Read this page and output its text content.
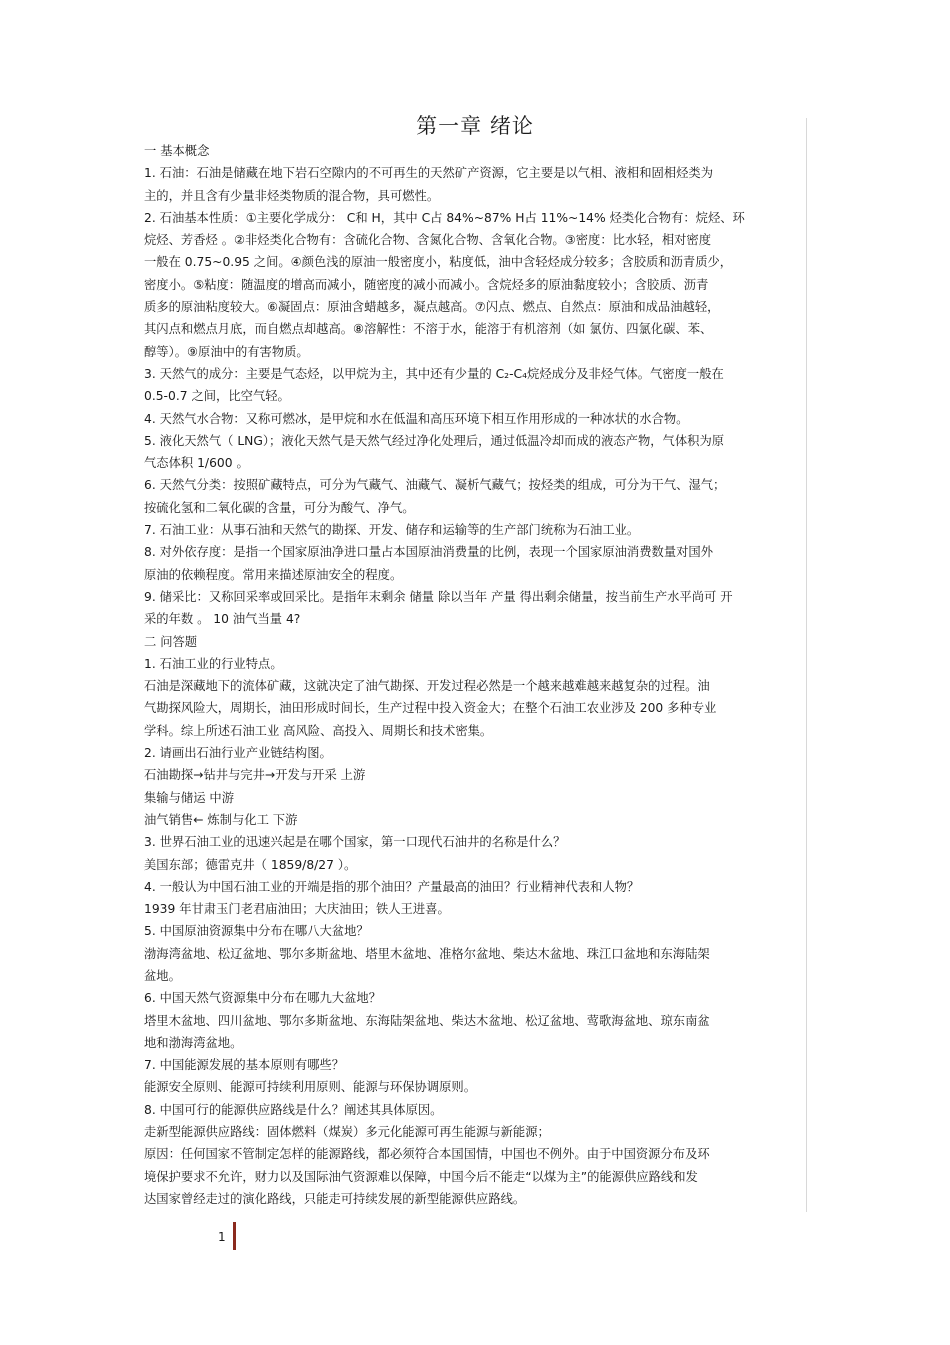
第一章 绪论
一 基本概念
1. 石油：石油是储藏在地下岩石空隙内的不可再生的天然矿产资源，它主要是以气相、液相和固相烃类为
主的，并且含有少量非烃类物质的混合物，具可燃性。
2. 石油基本性质：①主要化学成分： C和 H，其中 C占 84%~87% H占 11%~14% 烃类化合物有：烷烃、环
烷烃、芳香烃 。②非烃类化合物有：含硫化合物、含氮化合物、含氧化合物。③密度：比水轻，相对密度
一般在 0.75~0.95 之间。④颜色浅的原油一般密度小，粘度低，油中含轻烃成分较多；含胶质和沥青质少，
密度小。⑤粘度：随温度的增高而减小，随密度的减小而减小。含烷烃多的原油黏度较小；含胶质、沥青
质多的原油粘度较大。⑥凝固点：原油含蜡越多，凝点越高。⑦闪点、燃点、自然点：原油和成品油越轻，
其闪点和燃点月底，而自燃点却越高。⑧溶解性：不溶于水，能溶于有机溶剂（如 氯仿、四氯化碳、苯、
醇等）。⑨原油中的有害物质。
3. 天然气的成分：主要是气态烃，以甲烷为主，其中还有少量的 C₂-C₄烷烃成分及非烃气体。气密度一般在
0.5-0.7 之间，比空气轻。
4. 天然气水合物：又称可燃冰，是甲烷和水在低温和高压环境下相互作用形成的一种冰状的水合物。
5. 液化天然气（ LNG）；液化天然气是天然气经过净化处理后，通过低温冷却而成的液态产物，气体积为原
气态体积 1/600 。
6. 天然气分类：按照矿藏特点，可分为气藏气、油藏气、凝析气藏气；按烃类的组成，可分为干气、湿气；
按硫化氢和二氧化碳的含量，可分为酸气、净气。
7. 石油工业：从事石油和天然气的勘探、开发、储存和运输等的生产部门统称为石油工业。
8. 对外依存度：是指一个国家原油净进口量占本国原油消费量的比例，表现一个国家原油消费数量对国外
原油的依赖程度。常用来描述原油安全的程度。
9. 储采比：又称回采率或回采比。是指年末剩余 储量 除以当年 产量 得出剩余储量，按当前生产水平尚可 开
采的年数 。 10 油气当量 4?
二 问答题
1. 石油工业的行业特点。
石油是深藏地下的流体矿藏，这就决定了油气勘探、开发过程必然是一个越来越难越来越复杂的过程。油
气勘探风险大，周期长，油田形成时间长，生产过程中投入资金大；在整个石油工农业涉及 200 多种专业
学科。综上所述石油工业 高风险、高投入、周期长和技术密集。
2. 请画出石油行业产业链结构图。
石油勘探→钻井与完井→开发与开采 上游
集输与储运 中游
油气销售← 炼制与化工 下游
3. 世界石油工业的迅速兴起是在哪个国家，第一口现代石油井的名称是什么？
美国东部；德雷克井（ 1859/8/27 ）。
4. 一般认为中国石油工业的开端是指的那个油田？产量最高的油田？行业精神代表和人物？
1939 年甘肃玉门老君庙油田；大庆油田；铁人王进喜。
5. 中国原油资源集中分布在哪八大盆地？
渤海湾盆地、松辽盆地、鄂尔多斯盆地、塔里木盆地、准格尔盆地、柴达木盆地、珠江口盆地和东海陆架
盆地。
6. 中国天然气资源集中分布在哪九大盆地？
塔里木盆地、四川盆地、鄂尔多斯盆地、东海陆架盆地、柴达木盆地、松辽盆地、莺歌海盆地、琼东南盆
地和渤海湾盆地。
7. 中国能源发展的基本原则有哪些？
能源安全原则、能源可持续利用原则、能源与环保协调原则。
8. 中国可行的能源供应路线是什么？阐述其具体原因。
走新型能源供应路线：固体燃料（煤炭）多元化能源可再生能源与新能源；
原因：任何国家不管制定怎样的能源路线，都必须符合本国国情，中国也不例外。由于中国资源分布及环
境保护要求不允许，财力以及国际油气资源难以保障，中国今后不能走“以煤为主”的能源供应路线和发
达国家曾经走过的演化路线，只能走可持续发展的新型能源供应路线。
1
